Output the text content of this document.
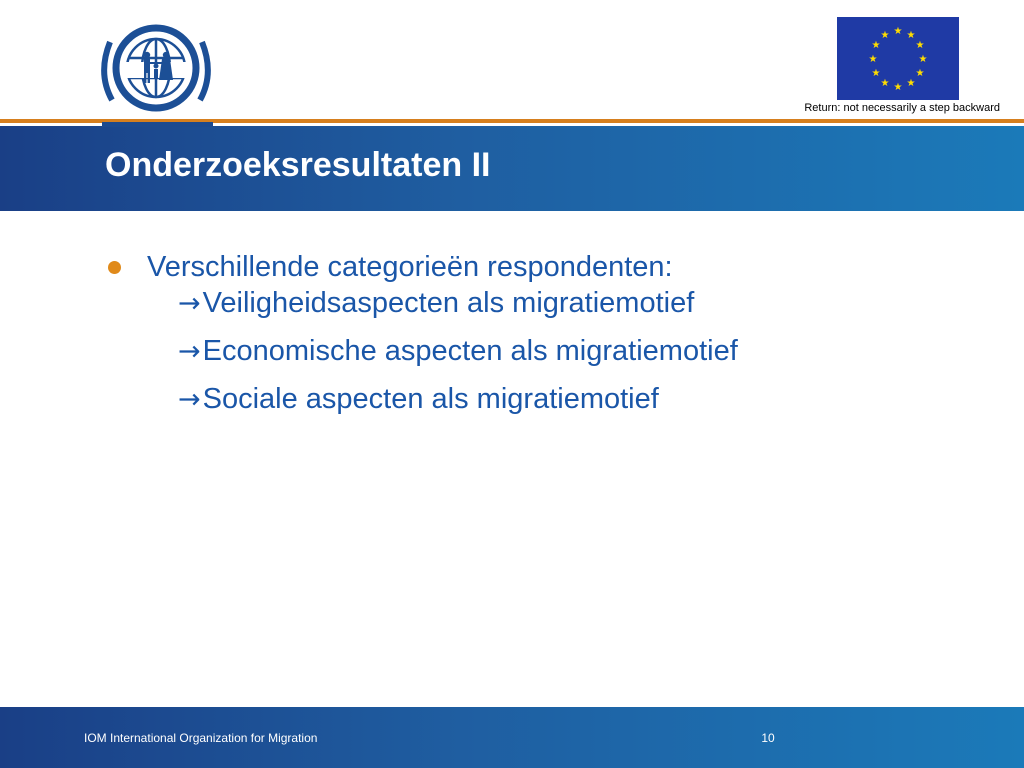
★ ★
★
★
★
★
★
★
★
★
★
★
Return: not necessarily a step backward
Onderzoeksresultaten II
Verschillende categorieën respondenten:
→ Veiligheidsaspecten als migratiemotief
→ Economische aspecten als migratiemotief
→ Sociale aspecten als migratiemotief
IOM International Organization for Migration	10
